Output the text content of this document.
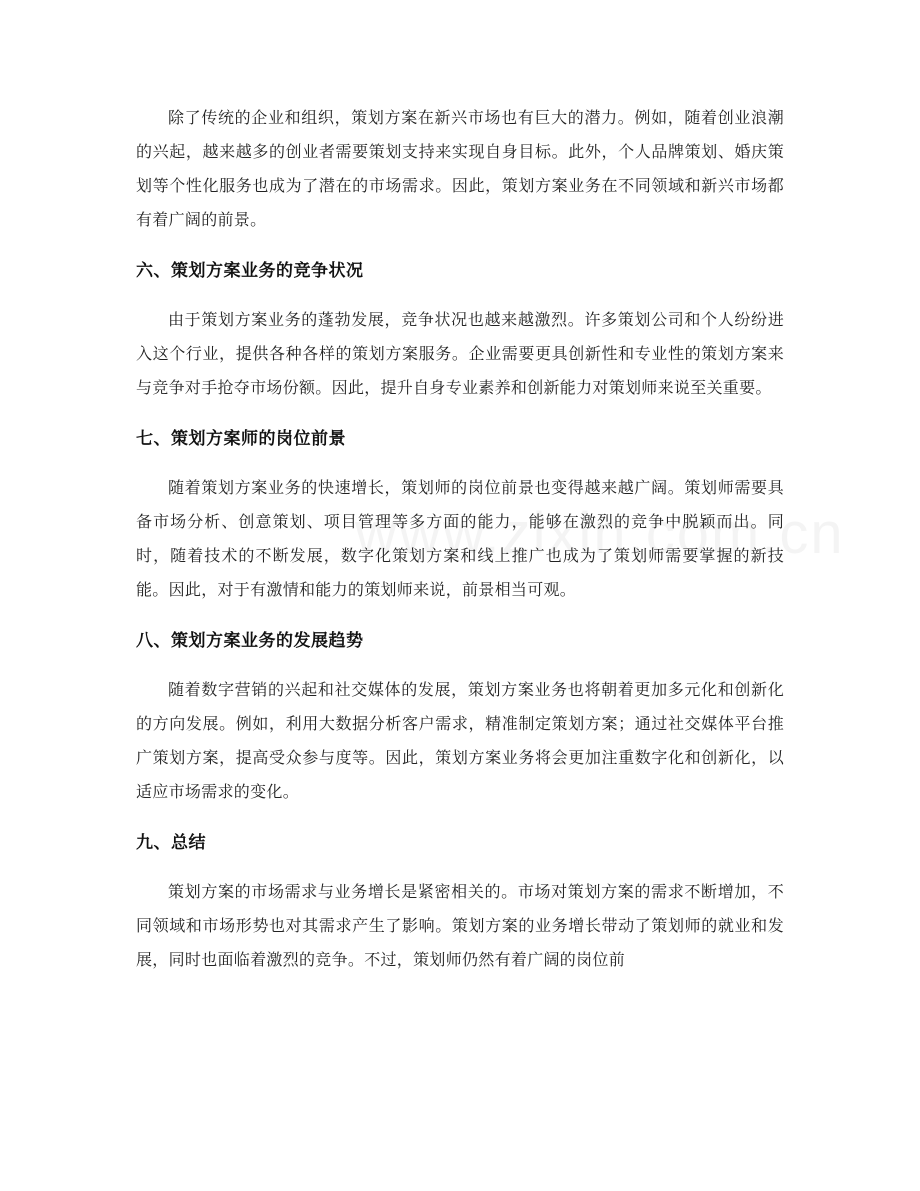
除了传统的企业和组织，策划方案在新兴市场也有巨大的潜力。例如，随着创业浪潮的兴起，越来越多的创业者需要策划支持来实现自身目标。此外，个人品牌策划、婚庆策划等个性化服务也成为了潜在的市场需求。因此，策划方案业务在不同领域和新兴市场都有着广阔的前景。

六、策划方案业务的竞争状况

由于策划方案业务的蓬勃发展，竞争状况也越来越激烈。许多策划公司和个人纷纷进入这个行业，提供各种各样的策划方案服务。企业需要更具创新性和专业性的策划方案来与竞争对手抢夺市场份额。因此，提升自身专业素养和创新能力对策划师来说至关重要。

七、策划方案师的岗位前景

随着策划方案业务的快速增长，策划师的岗位前景也变得越来越广阔。策划师需要具备市场分析、创意策划、项目管理等多方面的能力，能够在激烈的竞争中脱颖而出。同时，随着技术的不断发展，数字化策划方案和线上推广也成为了策划师需要掌握的新技能。因此，对于有激情和能力的策划师来说，前景相当可观。

八、策划方案业务的发展趋势

随着数字营销的兴起和社交媒体的发展，策划方案业务也将朝着更加多元化和创新化的方向发展。例如，利用大数据分析客户需求，精准制定策划方案；通过社交媒体平台推广策划方案，提高受众参与度等。因此，策划方案业务将会更加注重数字化和创新化，以适应市场需求的变化。

九、总结

策划方案的市场需求与业务增长是紧密相关的。市场对策划方案的需求不断增加，不同领域和市场形势也对其需求产生了影响。策划方案的业务增长带动了策划师的就业和发展，同时也面临着激烈的竞争。不过，策划师仍然有着广阔的岗位前
